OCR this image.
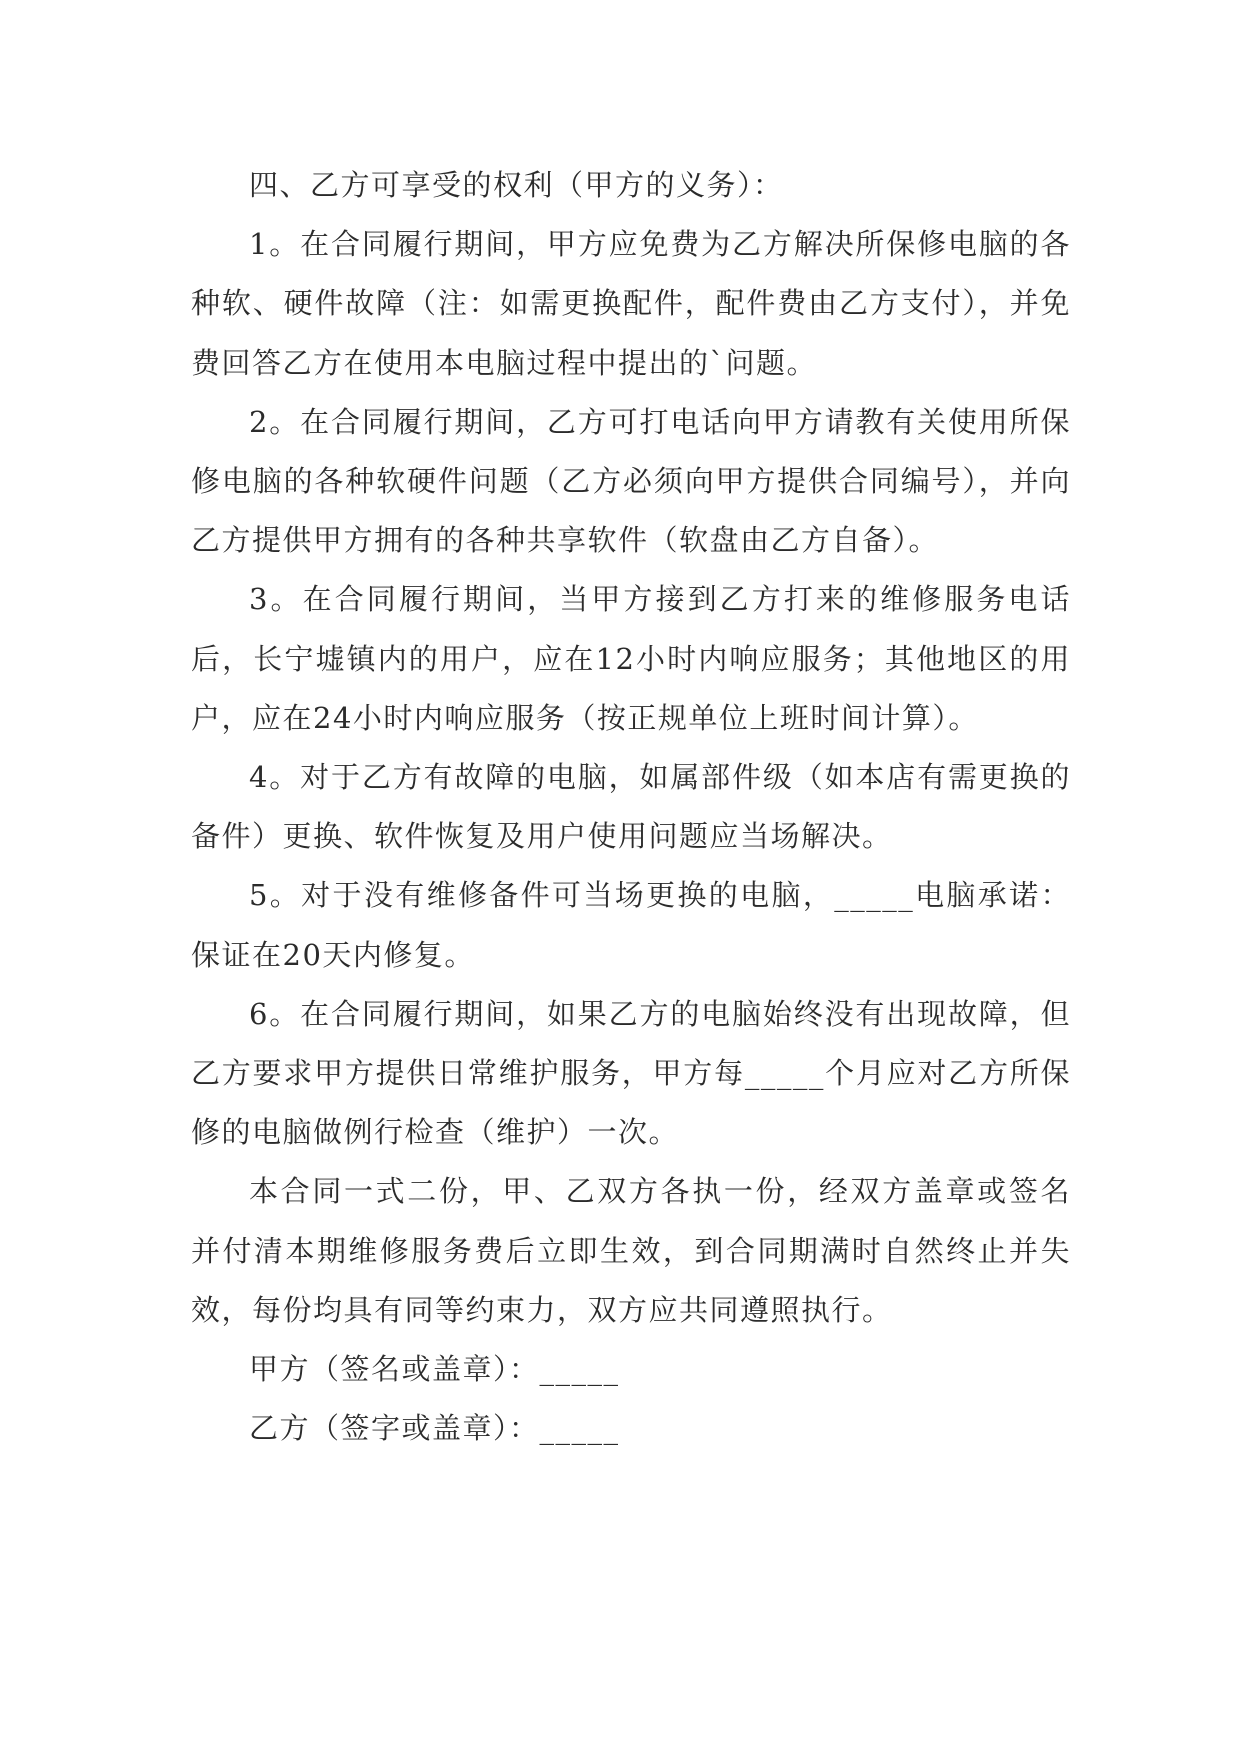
四、乙方可享受的权利（甲方的义务）：

1。在合同履行期间，甲方应免费为乙方解决所保修电脑的各种软、硬件故障（注：如需更换配件，配件费由乙方支付），并免费回答乙方在使用本电脑过程中提出的`问题。

2。在合同履行期间，乙方可打电话向甲方请教有关使用所保修电脑的各种软硬件问题（乙方必须向甲方提供合同编号），并向乙方提供甲方拥有的各种共享软件（软盘由乙方自备）。

3。在合同履行期间，当甲方接到乙方打来的维修服务电话后，长宁墟镇内的用户，应在12小时内响应服务；其他地区的用户，应在24小时内响应服务（按正规单位上班时间计算）。

4。对于乙方有故障的电脑，如属部件级（如本店有需更换的备件）更换、软件恢复及用户使用问题应当场解决。

5。对于没有维修备件可当场更换的电脑，_____电脑承诺：保证在20天内修复。

6。在合同履行期间，如果乙方的电脑始终没有出现故障，但乙方要求甲方提供日常维护服务，甲方每_____个月应对乙方所保修的电脑做例行检查（维护）一次。

本合同一式二份，甲、乙双方各执一份，经双方盖章或签名并付清本期维修服务费后立即生效，到合同期满时自然终止并失效，每份均具有同等约束力，双方应共同遵照执行。

甲方（签名或盖章）：_____

乙方（签字或盖章）：_____
